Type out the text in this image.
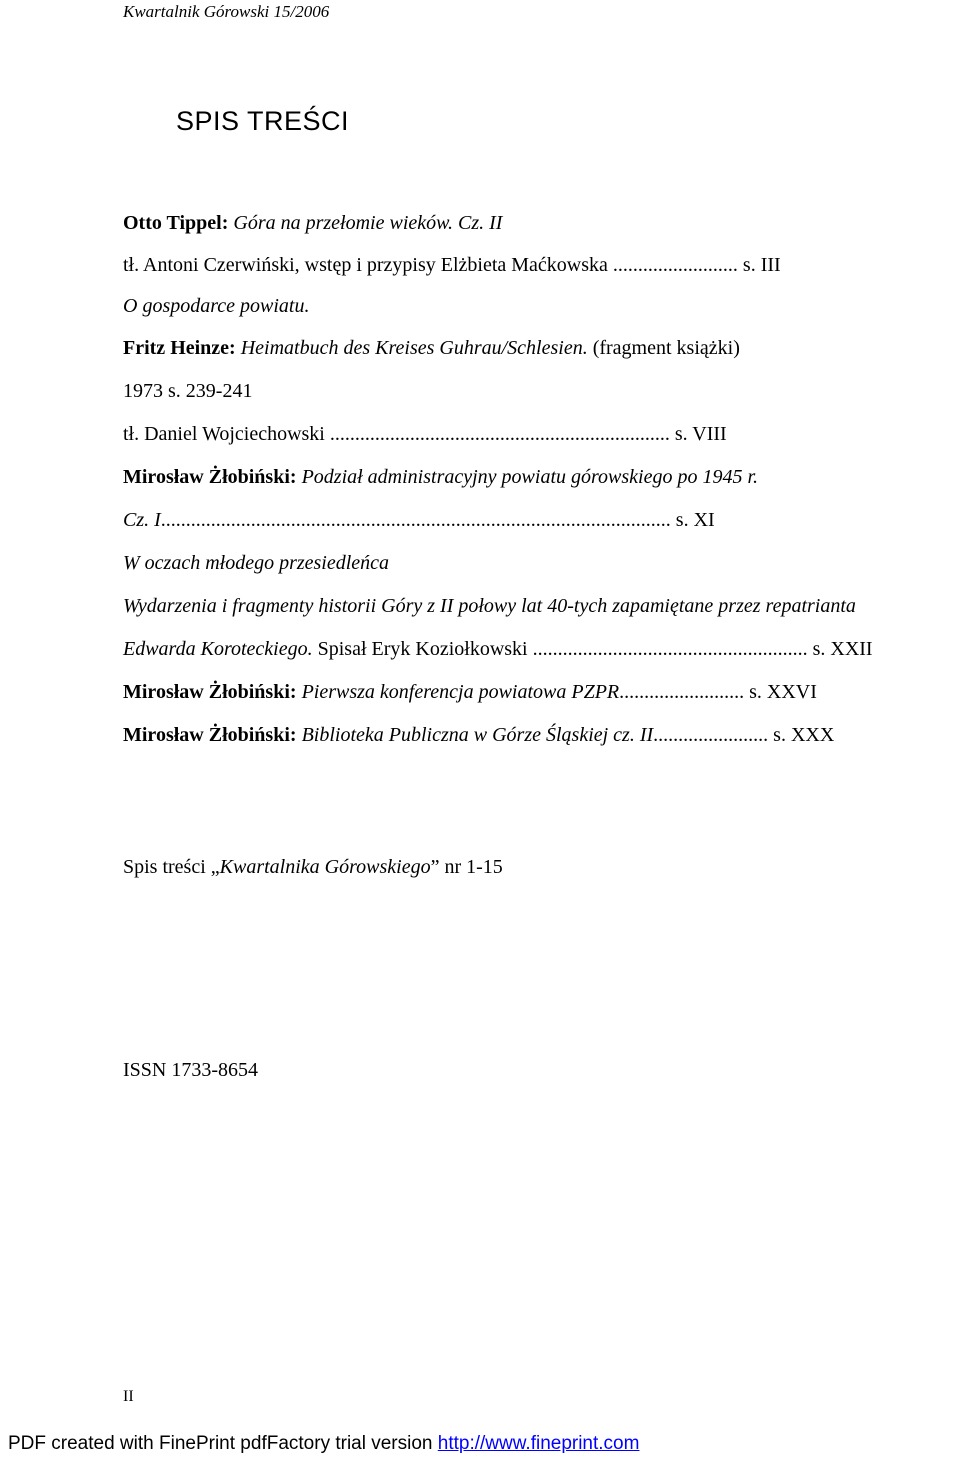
Kwartalnik Górowski 15/2006
SPIS TREŚCI
Otto Tippel: Góra na przełomie wieków. Cz. II
tł. Antoni Czerwiński, wstęp i przypisy Elżbieta Maćkowska ......................... s. III
O gospodarce powiatu.
Fritz Heinze: Heimatbuch des Kreises Guhrau/Schlesien. (fragment książki)
1973 s. 239-241
tł. Daniel Wojciechowski .................................................................... s. VIII
Mirosław Żłobiński: Podział administracyjny powiatu górowskiego po 1945 r.
Cz. I...................................................................................................... s. XI
W oczach młodego przesiedleńca
Wydarzenia i fragmenty historii Góry z II połowy lat 40-tych zapamiętane przez repatrianta
Edwarda Koroteckiego. Spisał Eryk Koziołkowski ....................................................... s. XXII
Mirosław Żłobiński: Pierwsza konferencja powiatowa PZPR......................... s. XXVI
Mirosław Żłobiński: Biblioteka Publiczna w Górze Śląskiej cz. II....................... s. XXX
Spis treści „Kwartalnika Górowskiego” nr 1-15
ISSN 1733-8654
II
PDF created with FinePrint pdfFactory trial version http://www.fineprint.com
